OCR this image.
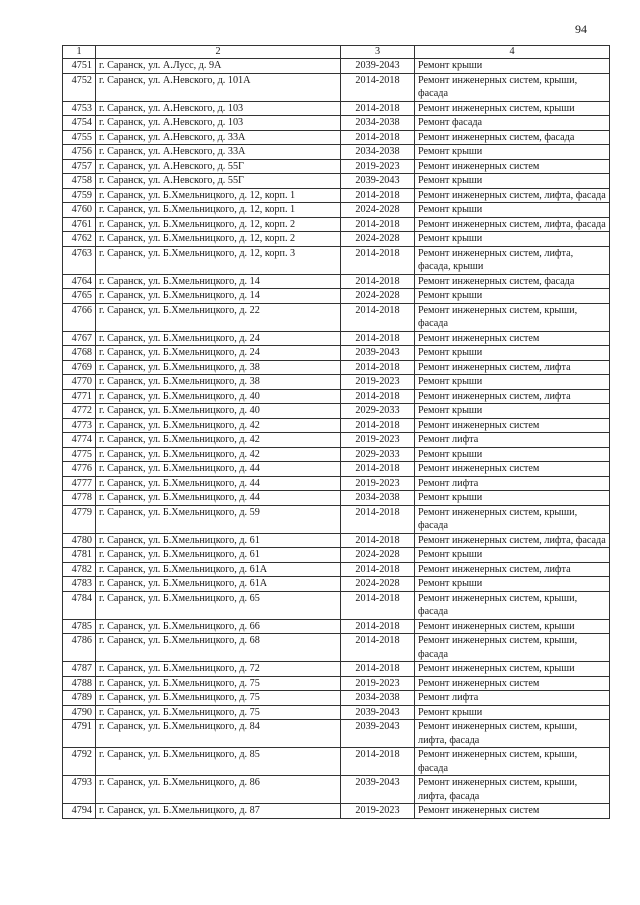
94
1	2	3	4
4751	г. Саранск, ул. А.Лусс, д. 9А	2039-2043	Ремонт крыши
4752	г. Саранск, ул. А.Невского, д. 101А	2014-2018	Ремонт инженерных систем, крыши, фасада
4753	г. Саранск, ул. А.Невского, д. 103	2014-2018	Ремонт инженерных систем, крыши
4754	г. Саранск, ул. А.Невского, д. 103	2034-2038	Ремонт фасада
4755	г. Саранск, ул. А.Невского, д. 33А	2014-2018	Ремонт инженерных систем, фасада
4756	г. Саранск, ул. А.Невского, д. 33А	2034-2038	Ремонт крыши
4757	г. Саранск, ул. А.Невского, д. 55Г	2019-2023	Ремонт инженерных систем
4758	г. Саранск, ул. А.Невского, д. 55Г	2039-2043	Ремонт крыши
4759	г. Саранск, ул. Б.Хмельницкого, д. 12, корп. 1	2014-2018	Ремонт инженерных систем, лифта, фасада
4760	г. Саранск, ул. Б.Хмельницкого, д. 12, корп. 1	2024-2028	Ремонт крыши
4761	г. Саранск, ул. Б.Хмельницкого, д. 12, корп. 2	2014-2018	Ремонт инженерных систем, лифта, фасада
4762	г. Саранск, ул. Б.Хмельницкого, д. 12, корп. 2	2024-2028	Ремонт крыши
4763	г. Саранск, ул. Б.Хмельницкого, д. 12, корп. 3	2014-2018	Ремонт инженерных систем, лифта, фасада, крыши
4764	г. Саранск, ул. Б.Хмельницкого, д. 14	2014-2018	Ремонт инженерных систем, фасада
4765	г. Саранск, ул. Б.Хмельницкого, д. 14	2024-2028	Ремонт крыши
4766	г. Саранск, ул. Б.Хмельницкого, д. 22	2014-2018	Ремонт инженерных систем, крыши, фасада
4767	г. Саранск, ул. Б.Хмельницкого, д. 24	2014-2018	Ремонт инженерных систем
4768	г. Саранск, ул. Б.Хмельницкого, д. 24	2039-2043	Ремонт крыши
4769	г. Саранск, ул. Б.Хмельницкого, д. 38	2014-2018	Ремонт инженерных систем, лифта
4770	г. Саранск, ул. Б.Хмельницкого, д. 38	2019-2023	Ремонт крыши
4771	г. Саранск, ул. Б.Хмельницкого, д. 40	2014-2018	Ремонт инженерных систем, лифта
4772	г. Саранск, ул. Б.Хмельницкого, д. 40	2029-2033	Ремонт крыши
4773	г. Саранск, ул. Б.Хмельницкого, д. 42	2014-2018	Ремонт инженерных систем
4774	г. Саранск, ул. Б.Хмельницкого, д. 42	2019-2023	Ремонт лифта
4775	г. Саранск, ул. Б.Хмельницкого, д. 42	2029-2033	Ремонт крыши
4776	г. Саранск, ул. Б.Хмельницкого, д. 44	2014-2018	Ремонт инженерных систем
4777	г. Саранск, ул. Б.Хмельницкого, д. 44	2019-2023	Ремонт лифта
4778	г. Саранск, ул. Б.Хмельницкого, д. 44	2034-2038	Ремонт крыши
4779	г. Саранск, ул. Б.Хмельницкого, д. 59	2014-2018	Ремонт инженерных систем, крыши, фасада
4780	г. Саранск, ул. Б.Хмельницкого, д. 61	2014-2018	Ремонт инженерных систем, лифта, фасада
4781	г. Саранск, ул. Б.Хмельницкого, д. 61	2024-2028	Ремонт крыши
4782	г. Саранск, ул. Б.Хмельницкого, д. 61А	2014-2018	Ремонт инженерных систем, лифта
4783	г. Саранск, ул. Б.Хмельницкого, д. 61А	2024-2028	Ремонт крыши
4784	г. Саранск, ул. Б.Хмельницкого, д. 65	2014-2018	Ремонт инженерных систем, крыши, фасада
4785	г. Саранск, ул. Б.Хмельницкого, д. 66	2014-2018	Ремонт инженерных систем, крыши
4786	г. Саранск, ул. Б.Хмельницкого, д. 68	2014-2018	Ремонт инженерных систем, крыши, фасада
4787	г. Саранск, ул. Б.Хмельницкого, д. 72	2014-2018	Ремонт инженерных систем, крыши
4788	г. Саранск, ул. Б.Хмельницкого, д. 75	2019-2023	Ремонт инженерных систем
4789	г. Саранск, ул. Б.Хмельницкого, д. 75	2034-2038	Ремонт лифта
4790	г. Саранск, ул. Б.Хмельницкого, д. 75	2039-2043	Ремонт крыши
4791	г. Саранск, ул. Б.Хмельницкого, д. 84	2039-2043	Ремонт инженерных систем, крыши, лифта, фасада
4792	г. Саранск, ул. Б.Хмельницкого, д. 85	2014-2018	Ремонт инженерных систем, крыши, фасада
4793	г. Саранск, ул. Б.Хмельницкого, д. 86	2039-2043	Ремонт инженерных систем, крыши, лифта, фасада
4794	г. Саранск, ул. Б.Хмельницкого, д. 87	2019-2023	Ремонт инженерных систем
